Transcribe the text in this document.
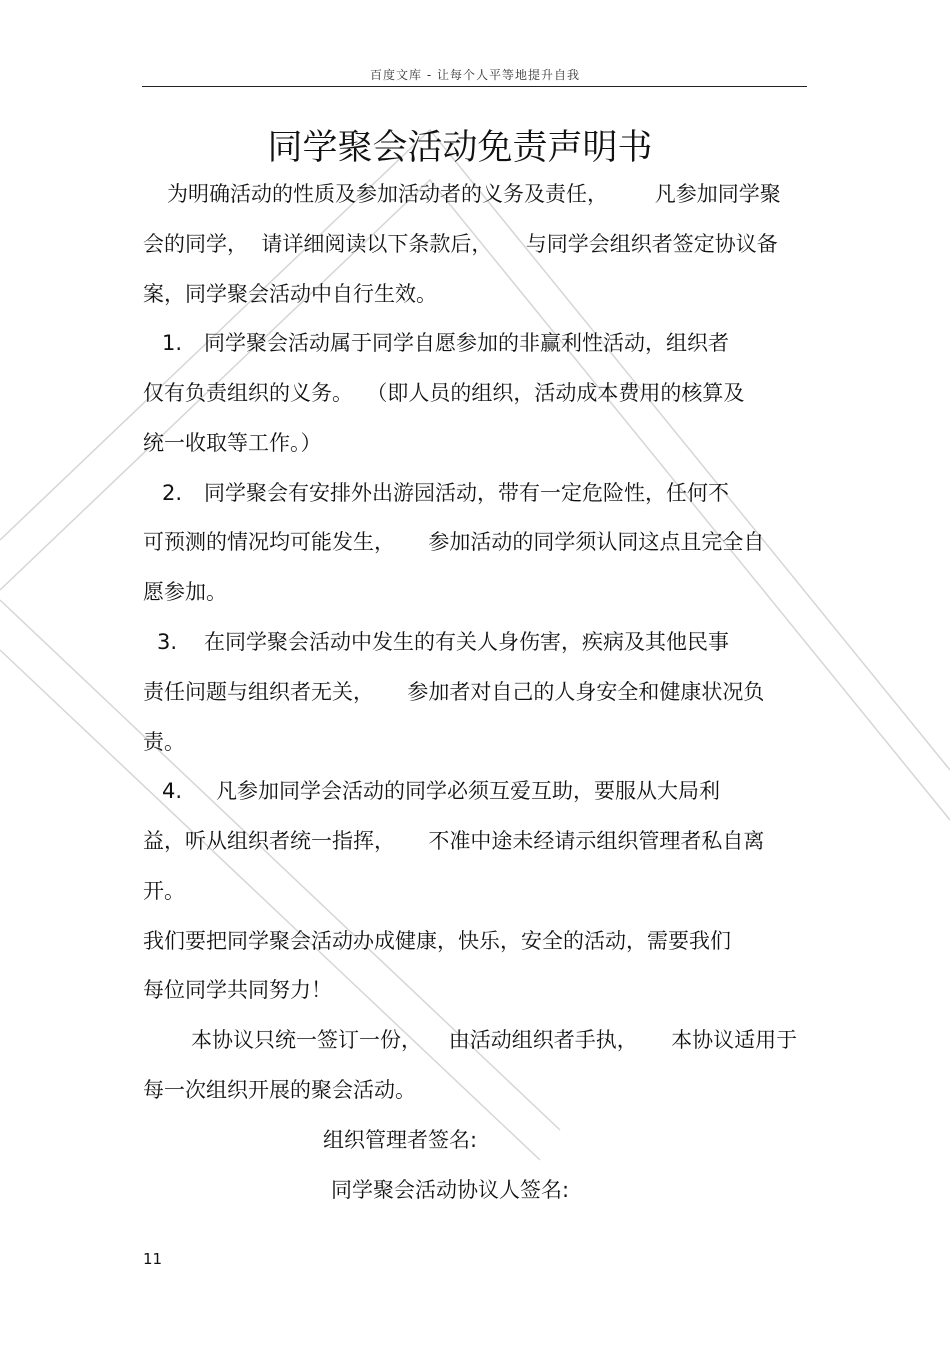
百度文库 - 让每个人平等地提升自我
同学聚会活动免责声明书
为明确活动的性质及参加活动者的义务及责任，       凡参加同学聚
会的同学，  请详细阅读以下条款后，     与同学会组织者签定协议备
案，同学聚会活动中自行生效。
1. 同学聚会活动属于同学自愿参加的非赢利性活动，组织者
仅有负责组织的义务。  （即人员的组织，活动成本费用的核算及
统一收取等工作。）
2. 同学聚会有安排外出游园活动，带有一定危险性，任何不
可预测的情况均可能发生，     参加活动的同学须认同这点且完全自
愿参加。
3. 在同学聚会活动中发生的有关人身伤害，疾病及其他民事
责任问题与组织者无关，     参加者对自己的人身安全和健康状况负
责。
4. 凡参加同学会活动的同学必须互爱互助，要服从大局利
益，听从组织者统一指挥，     不准中途未经请示组织管理者私自离
开。
我们要把同学聚会活动办成健康，快乐，安全的活动，需要我们
每位同学共同努力！
本协议只统一签订一份，    由活动组织者手执，     本协议适用于
每一次组织开展的聚会活动。
组织管理者签名:
同学聚会活动协议人签名:
11
